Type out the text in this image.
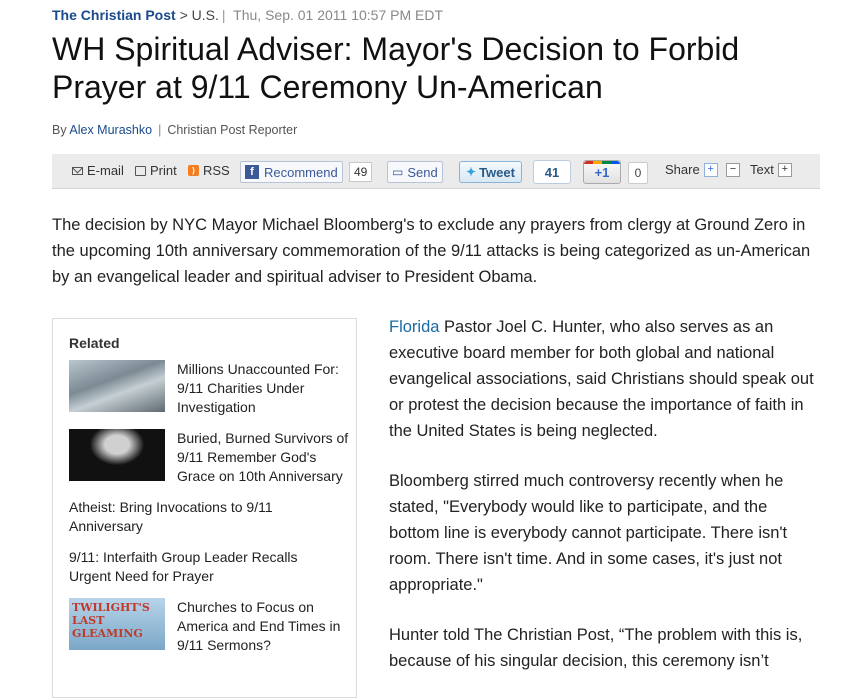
The Christian Post > U.S. | Thu, Sep. 01 2011 10:57 PM EDT
WH Spiritual Adviser: Mayor's Decision to Forbid Prayer at 9/11 Ceremony Un-American
By Alex Murashko | Christian Post Reporter
E-mail Print	) RSS	f Recommend	49	▭ Send ✦ Tweet	41	+1	0	Share +	− Text +

The decision by NYC Mayor Michael Bloomberg's to exclude any prayers from clergy at Ground Zero in the upcoming 10th anniversary commemoration of the 9/11 attacks is being categorized as un-American by an evangelical leader and spiritual adviser to President Obama.

Related
Millions Unaccounted For: 9/11 Charities Under Investigation
Buried, Burned Survivors of 9/11 Remember God's Grace on 10th Anniversary
Atheist: Bring Invocations to 9/11 Anniversary
9/11: Interfaith Group Leader Recalls Urgent Need for Prayer
TWILIGHT'S
LAST
GLEAMING
Churches to Focus on America and End Times in 9/11 Sermons?

Florida Pastor Joel C. Hunter, who also serves as an executive board member for both global and national evangelical associations, said Christians should speak out or protest the decision because the importance of faith in the United States is being neglected.

Bloomberg stirred much controversy recently when he stated, "Everybody would like to participate, and the bottom line is everybody cannot participate. There isn't room. There isn't time. And in some cases, it's just not appropriate."

Hunter told The Christian Post, “The problem with this is, because of his singular decision, this ceremony isn’t
